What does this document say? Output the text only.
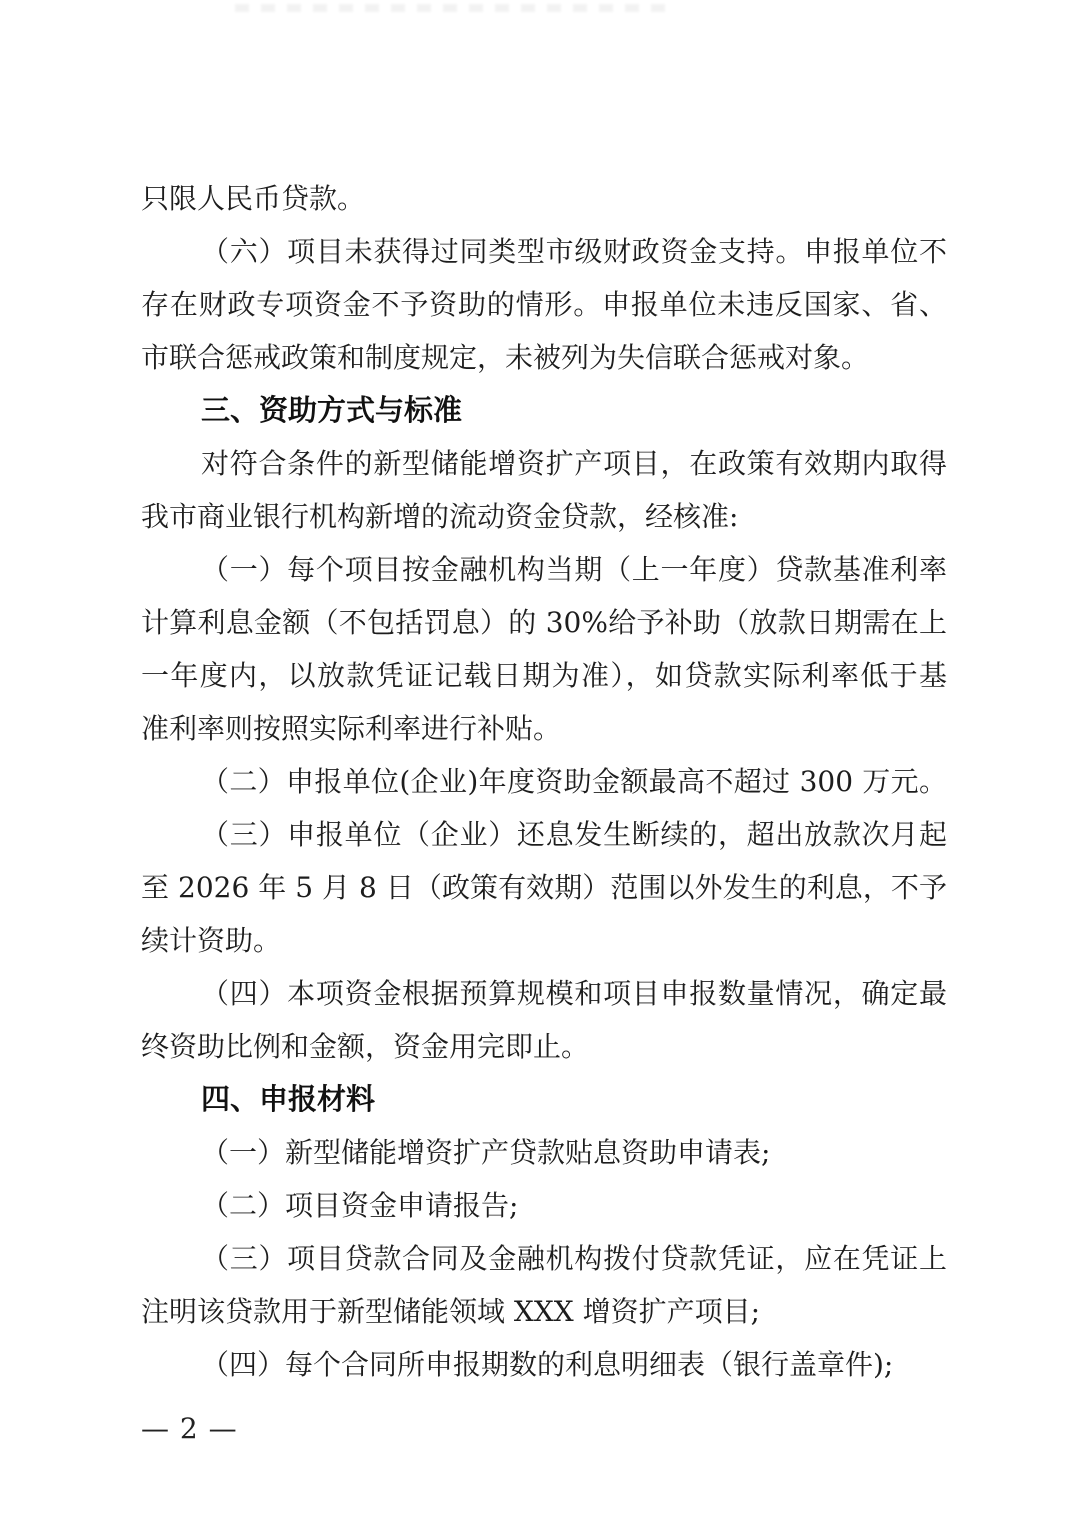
只限人民币贷款。
（六）项目未获得过同类型市级财政资金支持。申报单位不
存在财政专项资金不予资助的情形。申报单位未违反国家、省、
市联合惩戒政策和制度规定，未被列为失信联合惩戒对象。
三、资助方式与标准
对符合条件的新型储能增资扩产项目，在政策有效期内取得
我市商业银行机构新增的流动资金贷款，经核准:
（一）每个项目按金融机构当期（上一年度）贷款基准利率
计算利息金额（不包括罚息）的 30%给予补助（放款日期需在上
一年度内，以放款凭证记载日期为准），如贷款实际利率低于基
准利率则按照实际利率进行补贴。
（二）申报单位(企业)年度资助金额最高不超过 300 万元。
（三）申报单位（企业）还息发生断续的，超出放款次月起
至 2026 年 5 月 8 日（政策有效期）范围以外发生的利息，不予
续计资助。
（四）本项资金根据预算规模和项目申报数量情况，确定最
终资助比例和金额，资金用完即止。
四、申报材料
（一）新型储能增资扩产贷款贴息资助申请表;
（二）项目资金申请报告;
（三）项目贷款合同及金融机构拨付贷款凭证，应在凭证上
注明该贷款用于新型储能领域 XXX 增资扩产项目;
（四）每个合同所申报期数的利息明细表（银行盖章件);
— 2 —
